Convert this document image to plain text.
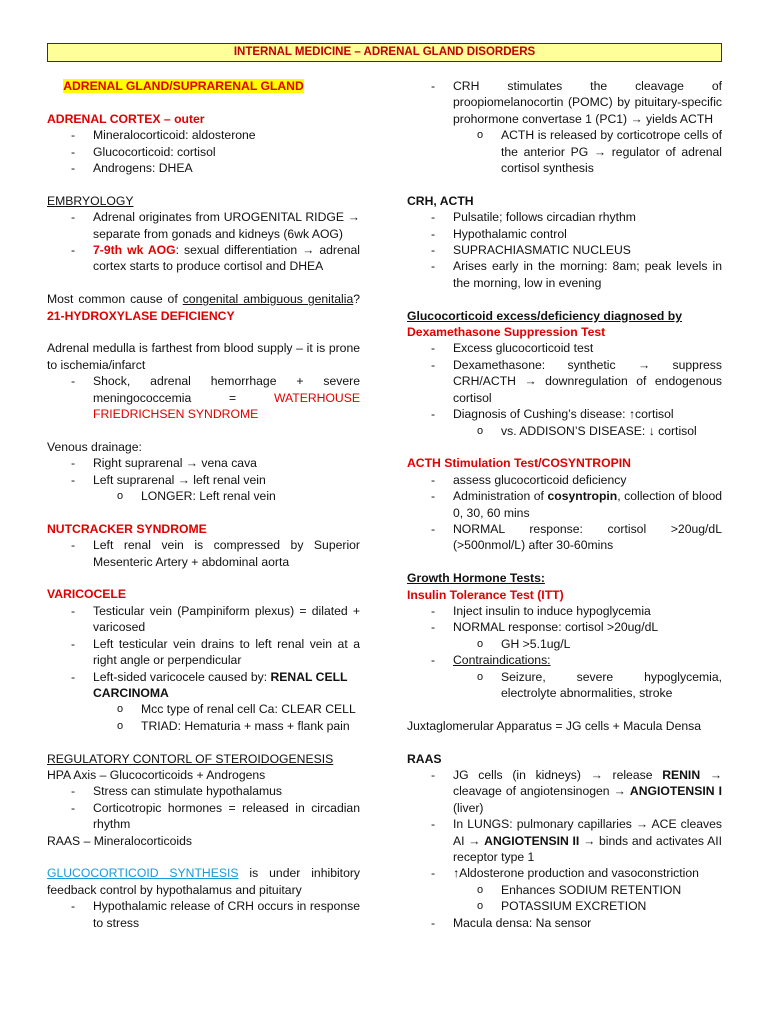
INTERNAL MEDICINE – ADRENAL GLAND DISORDERS
ADRENAL GLAND/SUPRARENAL GLAND
ADRENAL CORTEX – outer
- Mineralocorticoid: aldosterone
- Glucocorticoid: cortisol
- Androgens: DHEA
EMBRYOLOGY
- Adrenal originates from UROGENITAL RIDGE → separate from gonads and kidneys (6wk AOG)
- 7-9th wk AOG: sexual differentiation → adrenal cortex starts to produce cortisol and DHEA
Most common cause of congenital ambiguous genitalia? 21-HYDROXYLASE DEFICIENCY
Adrenal medulla is farthest from blood supply – it is prone to ischemia/infarct
- Shock, adrenal hemorrhage + severe meningococcemia =	WATERHOUSE FRIEDRICHSEN SYNDROME
Venous drainage:
- Right suprarenal → vena cava
- Left suprarenal → left renal vein
o LONGER: Left renal vein
NUTCRACKER SYNDROME
- Left renal vein is compressed by Superior Mesenteric Artery + abdominal aorta
VARICOCELE
- Testicular vein (Pampiniform plexus) = dilated + varicosed
- Left testicular vein drains to left renal vein at a right angle or perpendicular
- Left-sided varicocele caused by: RENAL CELL CARCINOMA
o Mcc type of renal cell Ca: CLEAR CELL
o TRIAD: Hematuria + mass + flank pain
REGULATORY CONTORL OF STEROIDOGENESIS
HPA Axis – Glucocorticoids + Androgens
- Stress can stimulate hypothalamus
- Corticotropic hormones = released in circadian rhythm
RAAS – Mineralocorticoids
GLUCOCORTICOID SYNTHESIS is under inhibitory feedback control by hypothalamus and pituitary
- Hypothalamic release of CRH occurs in response to stress
- CRH stimulates the cleavage of proopiomelanocortin (POMC) by pituitary-specific prohormone convertase 1 (PC1) → yields ACTH
o ACTH is released by corticotrope cells of the anterior PG → regulator of adrenal cortisol synthesis
CRH, ACTH
- Pulsatile; follows circadian rhythm
- Hypothalamic control
- SUPRACHIASMATIC NUCLEUS
- Arises early in the morning: 8am; peak levels in the morning, low in evening
Glucocorticoid excess/deficiency diagnosed by
Dexamethasone Suppression Test
- Excess glucocorticoid test
- Dexamethasone: synthetic → suppress CRH/ACTH → downregulation of endogenous cortisol
- Diagnosis of Cushing’s disease: ↑cortisol
o vs. ADDISON’S DISEASE: ↓ cortisol
ACTH Stimulation Test/COSYNTROPIN
- assess glucocorticoid deficiency
- Administration of cosyntropin, collection of blood 0, 30, 60 mins
- NORMAL response: cortisol >20ug/dL (>500nmol/L) after 30-60mins
Growth Hormone Tests:
Insulin Tolerance Test (ITT)
- Inject insulin to induce hypoglycemia
- NORMAL response: cortisol >20ug/dL
o GH >5.1ug/L
- Contraindications:
o Seizure, severe hypoglycemia, electrolyte abnormalities, stroke
Juxtaglomerular Apparatus = JG cells + Macula Densa
RAAS
- JG cells (in kidneys) → release RENIN → cleavage of angiotensinogen → ANGIOTENSIN I (liver)
- In LUNGS: pulmonary capillaries → ACE cleaves AI → ANGIOTENSIN II → binds and activates AII receptor type 1
- ↑Aldosterone production and vasoconstriction
o Enhances SODIUM RETENTION
o POTASSIUM EXCRETION
- Macula densa: Na sensor
